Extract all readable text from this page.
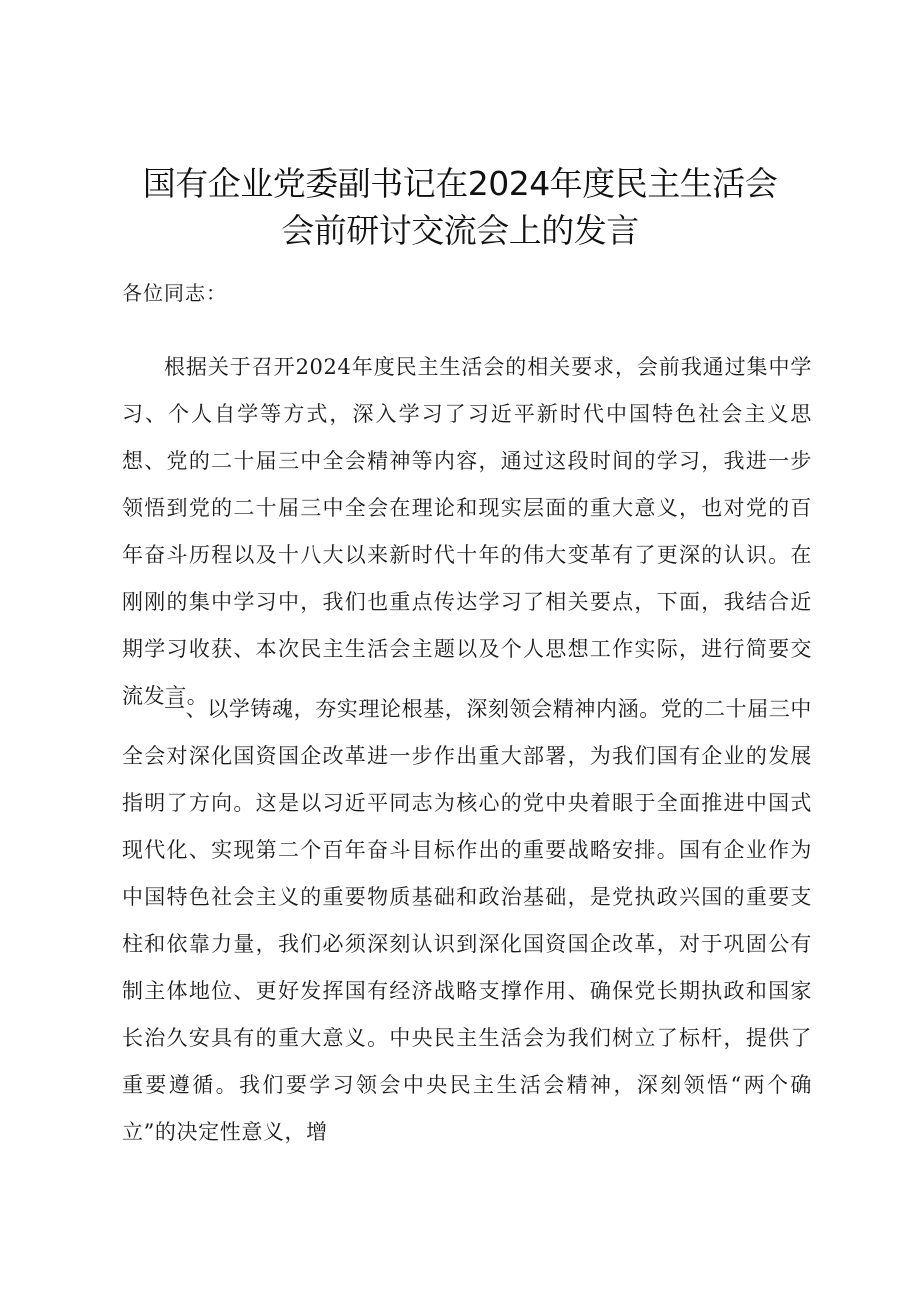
国有企业党委副书记在2024年度民主生活会
会前研讨交流会上的发言
各位同志：

根据关于召开2024年度民主生活会的相关要求，会前我通过集中学习、个人自学等方式，深入学习了习近平新时代中国特色社会主义思想、党的二十届三中全会精神等内容，通过这段时间的学习，我进一步领悟到党的二十届三中全会在理论和现实层面的重大意义，也对党的百年奋斗历程以及十八大以来新时代十年的伟大变革有了更深的认识。在刚刚的集中学习中，我们也重点传达学习了相关要点，下面，我结合近期学习收获、本次民主生活会主题以及个人思想工作实际，进行简要交流发言。

一、以学铸魂，夯实理论根基，深刻领会精神内涵。党的二十届三中全会对深化国资国企改革进一步作出重大部署，为我们国有企业的发展指明了方向。这是以习近平同志为核心的党中央着眼于全面推进中国式现代化、实现第二个百年奋斗目标作出的重要战略安排。国有企业作为中国特色社会主义的重要物质基础和政治基础，是党执政兴国的重要支柱和依靠力量，我们必须深刻认识到深化国资国企改革，对于巩固公有制主体地位、更好发挥国有经济战略支撑作用、确保党长期执政和国家长治久安具有的重大意义。中央民主生活会为我们树立了标杆，提供了重要遵循。我们要学习领会中央民主生活会精神，深刻领悟“两个确立”的决定性意义，增
